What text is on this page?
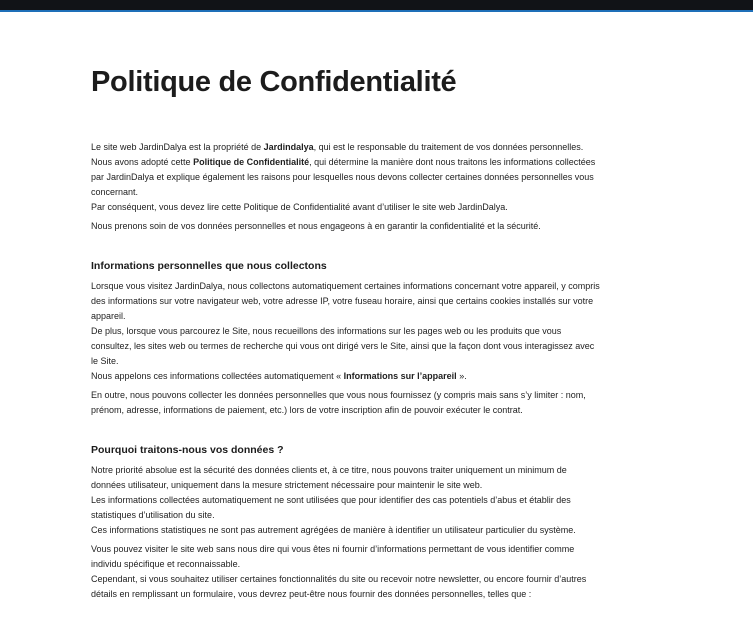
Politique de Confidentialité

Le site web JardinDalya est la propriété de Jardindalya, qui est le responsable du traitement de vos données personnelles.

Nous avons adopté cette Politique de Confidentialité, qui détermine la manière dont nous traitons les informations collectées par JardinDalya et explique également les raisons pour lesquelles nous devons collecter certaines données personnelles vous concernant.

Par conséquent, vous devez lire cette Politique de Confidentialité avant d’utiliser le site web JardinDalya.

Nous prenons soin de vos données personnelles et nous engageons à en garantir la confidentialité et la sécurité.

Informations personnelles que nous collectons

Lorsque vous visitez JardinDalya, nous collectons automatiquement certaines informations concernant votre appareil, y compris des informations sur votre navigateur web, votre adresse IP, votre fuseau horaire, ainsi que certains cookies installés sur votre appareil.

De plus, lorsque vous parcourez le Site, nous recueillons des informations sur les pages web ou les produits que vous consultez, les sites web ou termes de recherche qui vous ont dirigé vers le Site, ainsi que la façon dont vous interagissez avec le Site.

Nous appelons ces informations collectées automatiquement « Informations sur l’appareil ».

En outre, nous pouvons collecter les données personnelles que vous nous fournissez (y compris mais sans s’y limiter : nom, prénom, adresse, informations de paiement, etc.) lors de votre inscription afin de pouvoir exécuter le contrat.

Pourquoi traitons-nous vos données ?

Notre priorité absolue est la sécurité des données clients et, à ce titre, nous pouvons traiter uniquement un minimum de données utilisateur, uniquement dans la mesure strictement nécessaire pour maintenir le site web.

Les informations collectées automatiquement ne sont utilisées que pour identifier des cas potentiels d’abus et établir des statistiques d’utilisation du site.

Ces informations statistiques ne sont pas autrement agrégées de manière à identifier un utilisateur particulier du système.

Vous pouvez visiter le site web sans nous dire qui vous êtes ni fournir d’informations permettant de vous identifier comme individu spécifique et reconnaissable.

Cependant, si vous souhaitez utiliser certaines fonctionnalités du site ou recevoir notre newsletter, ou encore fournir d’autres détails en remplissant un formulaire, vous devrez peut-être nous fournir des données personnelles, telles que :
